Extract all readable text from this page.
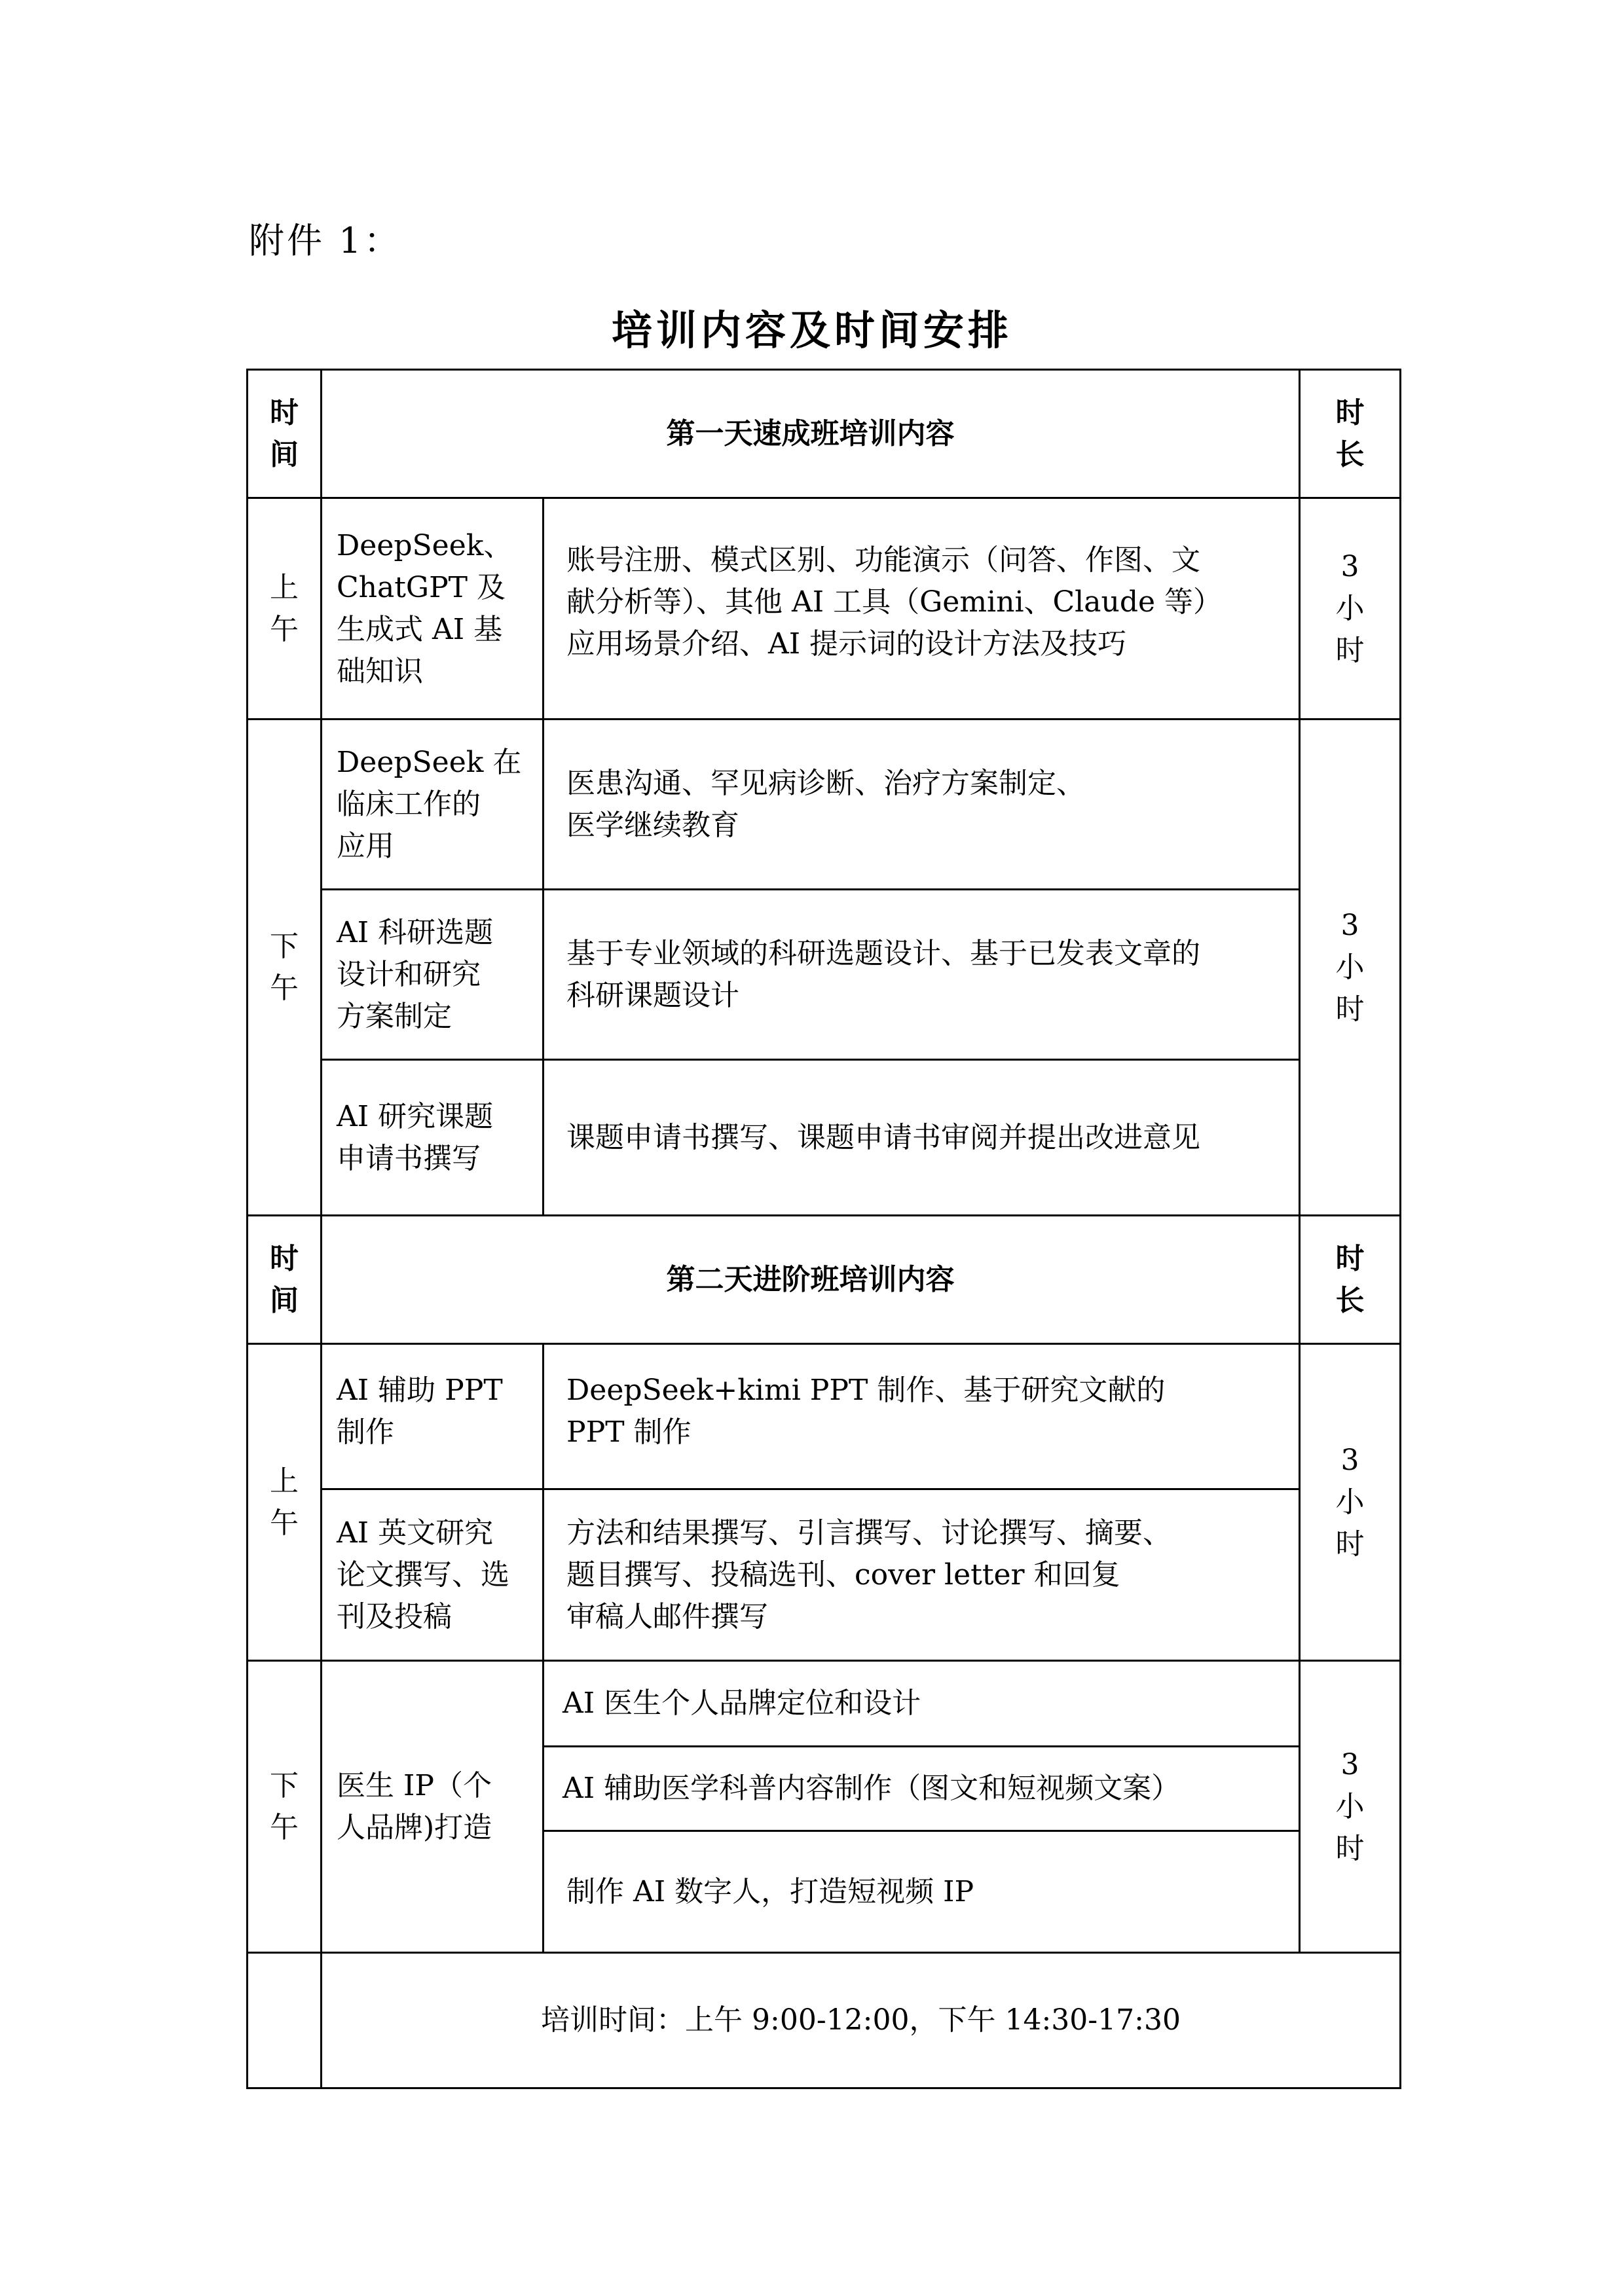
附件 1：
培训内容及时间安排
时
间
第一天速成班培训内容
时
长
上
午
DeepSeek、
ChatGPT 及
生成式 AI 基
础知识
账号注册、模式区别、功能演示（问答、作图、文
献分析等）、其他 AI 工具（Gemini、Claude 等）
应用场景介绍、AI 提示词的设计方法及技巧
3
小
时
下
午
3
小
时
DeepSeek 在
临床工作的
应用
医患沟通、罕见病诊断、治疗方案制定、
医学继续教育
AI 科研选题
设计和研究
方案制定
基于专业领域的科研选题设计、基于已发表文章的
科研课题设计
AI 研究课题
申请书撰写
课题申请书撰写、课题申请书审阅并提出改进意见
时
间
第二天进阶班培训内容
时
长
上
午
3
小
时
AI 辅助 PPT
制作
DeepSeek+kimi PPT 制作、基于研究文献的
PPT 制作
AI 英文研究
论文撰写、选
刊及投稿
方法和结果撰写、引言撰写、讨论撰写、摘要、
题目撰写、投稿选刊、cover letter 和回复
审稿人邮件撰写
下
午
医生 IP（个
人品牌)打造
AI 医生个人品牌定位和设计
AI 辅助医学科普内容制作（图文和短视频文案）
制作 AI 数字人，打造短视频 IP
3
小
时
培训时间：上午 9:00-12:00，下午 14:30-17:30
